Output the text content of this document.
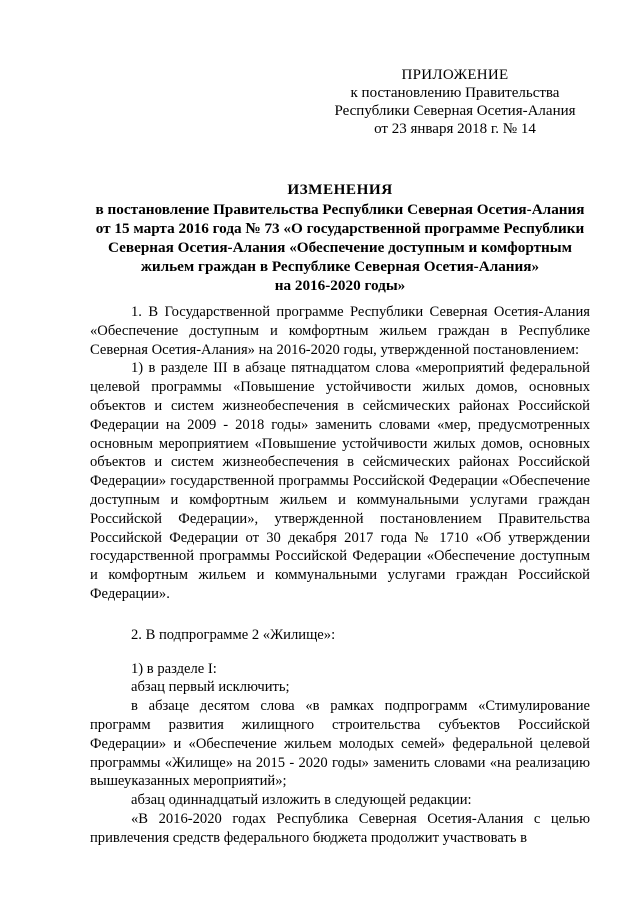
ПРИЛОЖЕНИЕ
к постановлению Правительства
Республики Северная Осетия-Алания
от 23 января 2018 г. № 14
ИЗМЕНЕНИЯ
в постановление Правительства Республики Северная Осетия-Алания
от 15 марта 2016 года № 73 «О государственной программе Республики
Северная Осетия-Алания «Обеспечение доступным и комфортным
жильем граждан в Республике Северная Осетия-Алания»
на 2016-2020 годы»

1. В Государственной программе Республики Северная Осетия-Алания «Обеспечение доступным и комфортным жильем граждан в Республике Северная Осетия-Алания» на 2016-2020 годы, утвержденной постановлением:

1) в разделе III в абзаце пятнадцатом слова «мероприятий федеральной целевой программы «Повышение устойчивости жилых домов, основных объектов и систем жизнеобеспечения в сейсмических районах Российской Федерации на 2009 - 2018 годы» заменить словами «мер, предусмотренных основным мероприятием «Повышение устойчивости жилых домов, основных объектов и систем жизнеобеспечения в сейсмических районах Российской Федерации» государственной программы Российской Федерации «Обеспечение доступным и комфортным жильем и коммунальными услугами граждан Российской Федерации», утвержденной постановлением Правительства Российской Федерации от 30 декабря 2017 года № 1710 «Об утверждении государственной программы Российской Федерации «Обеспечение доступным и комфортным жильем и коммунальными услугами граждан Российской Федерации».

2. В подпрограмме 2 «Жилище»:

1) в разделе I:

абзац первый исключить;

в абзаце десятом слова «в рамках подпрограмм «Стимулирование программ развития жилищного строительства субъектов Российской Федерации» и «Обеспечение жильем молодых семей» федеральной целевой программы «Жилище» на 2015 - 2020 годы» заменить словами «на реализацию вышеуказанных мероприятий»;

абзац одиннадцатый изложить в следующей редакции:

«В 2016-2020 годах Республика Северная Осетия-Алания с целью привлечения средств федерального бюджета продолжит участвовать в
